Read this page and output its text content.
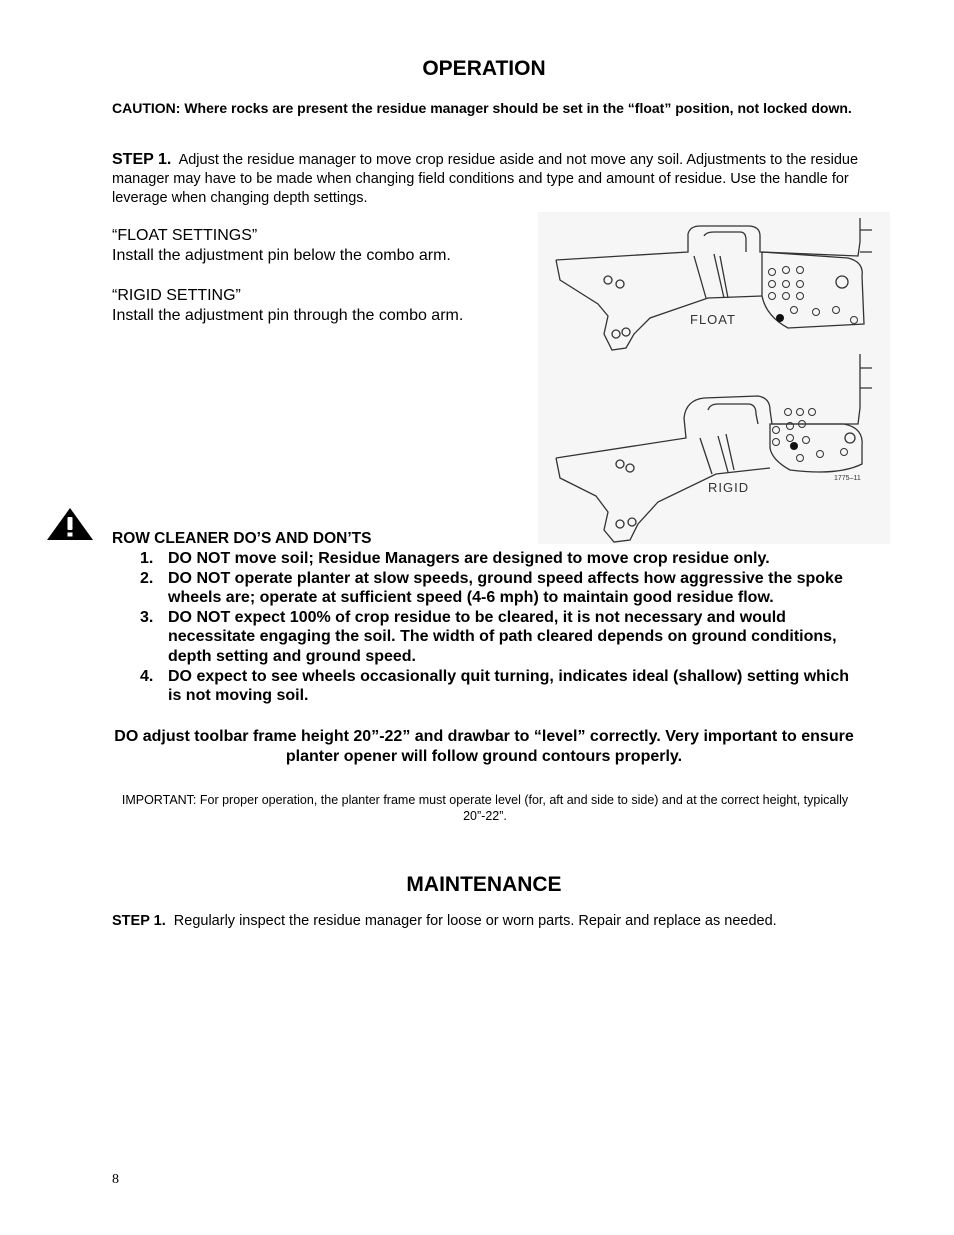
OPERATION
CAUTION: Where rocks are present the residue manager should be set in the “float” position, not locked down.
STEP 1. Adjust the residue manager to move crop residue aside and not move any soil. Adjustments to the residue manager may have to be made when changing field conditions and type and amount of residue. Use the handle for leverage when changing depth settings.
“FLOAT SETTINGS”
Install the adjustment pin below the combo arm.
“RIGID SETTING”
Install the adjustment pin through the combo arm.	FLOAT
RIGID
1775–11
ROW CLEANER DO’S AND DON’TS
1. DO NOT move soil; Residue Managers are designed to move crop residue only.
2. DO NOT operate planter at slow speeds, ground speed affects how aggressive the spoke wheels are; operate at sufficient speed (4-6 mph) to maintain good residue flow.
3. DO NOT expect 100% of crop residue to be cleared, it is not necessary and would necessitate engaging the soil. The width of path cleared depends on ground conditions, depth setting and ground speed.
4. DO expect to see wheels occasionally quit turning, indicates ideal (shallow) setting which is not moving soil.
DO adjust toolbar frame height 20”-22” and drawbar to “level” correctly. Very important to ensure planter opener will follow ground contours properly.
IMPORTANT: For proper operation, the planter frame must operate level (for, aft and side to side) and at the correct height, typically 20”-22”.
MAINTENANCE
STEP 1. Regularly inspect the residue manager for loose or worn parts. Repair and replace as needed.
8
